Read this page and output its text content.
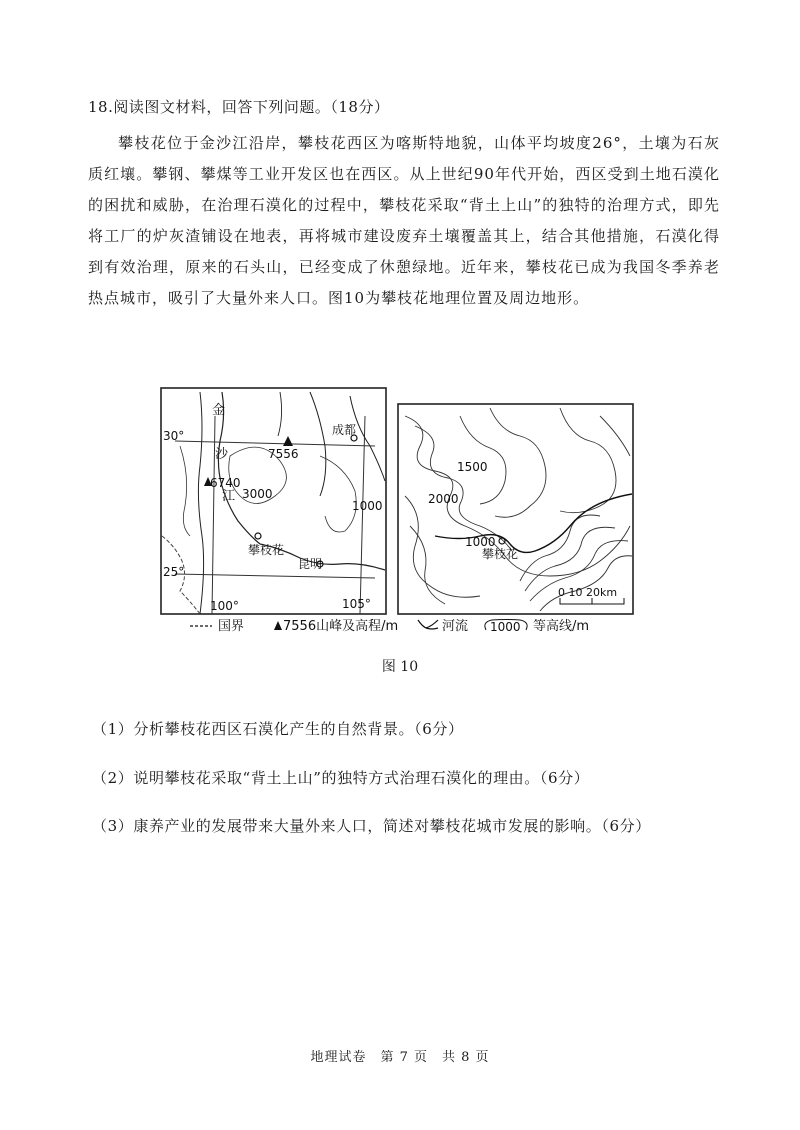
18.阅读图文材料，回答下列问题。（18分）
攀枝花位于金沙江沿岸，攀枝花西区为喀斯特地貌，山体平均坡度26°，土壤为石灰质红壤。攀钢、攀煤等工业开发区也在西区。从上世纪90年代开始，西区受到土地石漠化的困扰和威胁，在治理石漠化的过程中，攀枝花采取“背土上山”的独特的治理方式，即先将工厂的炉灰渣铺设在地表，再将城市建设废弃土壤覆盖其上，结合其他措施，石漠化得到有效治理，原来的石头山，已经变成了休憩绿地。近年来，攀枝花已成为我国冬季养老热点城市，吸引了大量外来人口。图10为攀枝花地理位置及周边地形。
30°
25°
100°	105°
金
沙
江
7556
6740
3000
1000
成都
攀枝花
昆明
1500
2000
1000
攀枝花
0 10 20km
国界	7556山峰及高程/m	河流 1000 等高线/m
图 10
（1）分析攀枝花西区石漠化产生的自然背景。（6分）
（2）说明攀枝花采取“背土上山”的独特方式治理石漠化的理由。（6分）
（3）康养产业的发展带来大量外来人口，简述对攀枝花城市发展的影响。（6分）
地理试卷　第 7 页　共 8 页
